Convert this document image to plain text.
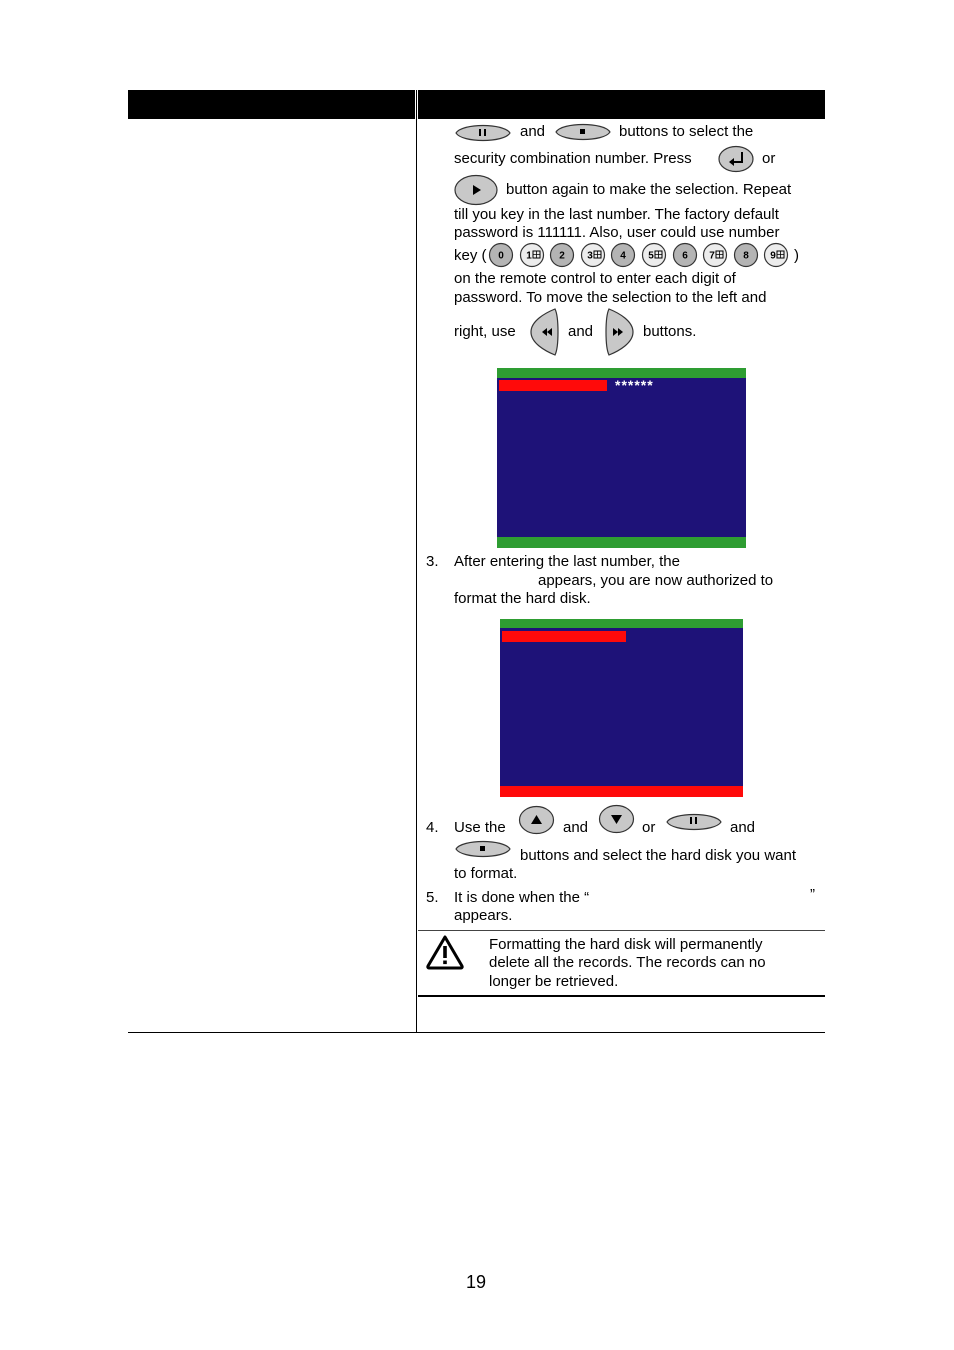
and	buttons to select the
security combination number. Press	or
button again to make the selection. Repeat
till you key in the last number. The factory default
password is 111111. Also, user could use number
key ( 0 1	2 3	4 5	6 7	8 9 )
on the remote control to enter each digit of
password. To move the selection to the left and
right, use	and	buttons.
******
3. After entering the last number, the
appears, you are now authorized to
format the hard disk.
4. Use the	and	or	and
buttons and select the hard disk you want
to format.
5. It is done when the “	”
appears.
Formatting the hard disk will permanently
delete all the records. The records can no
longer be retrieved.
19
